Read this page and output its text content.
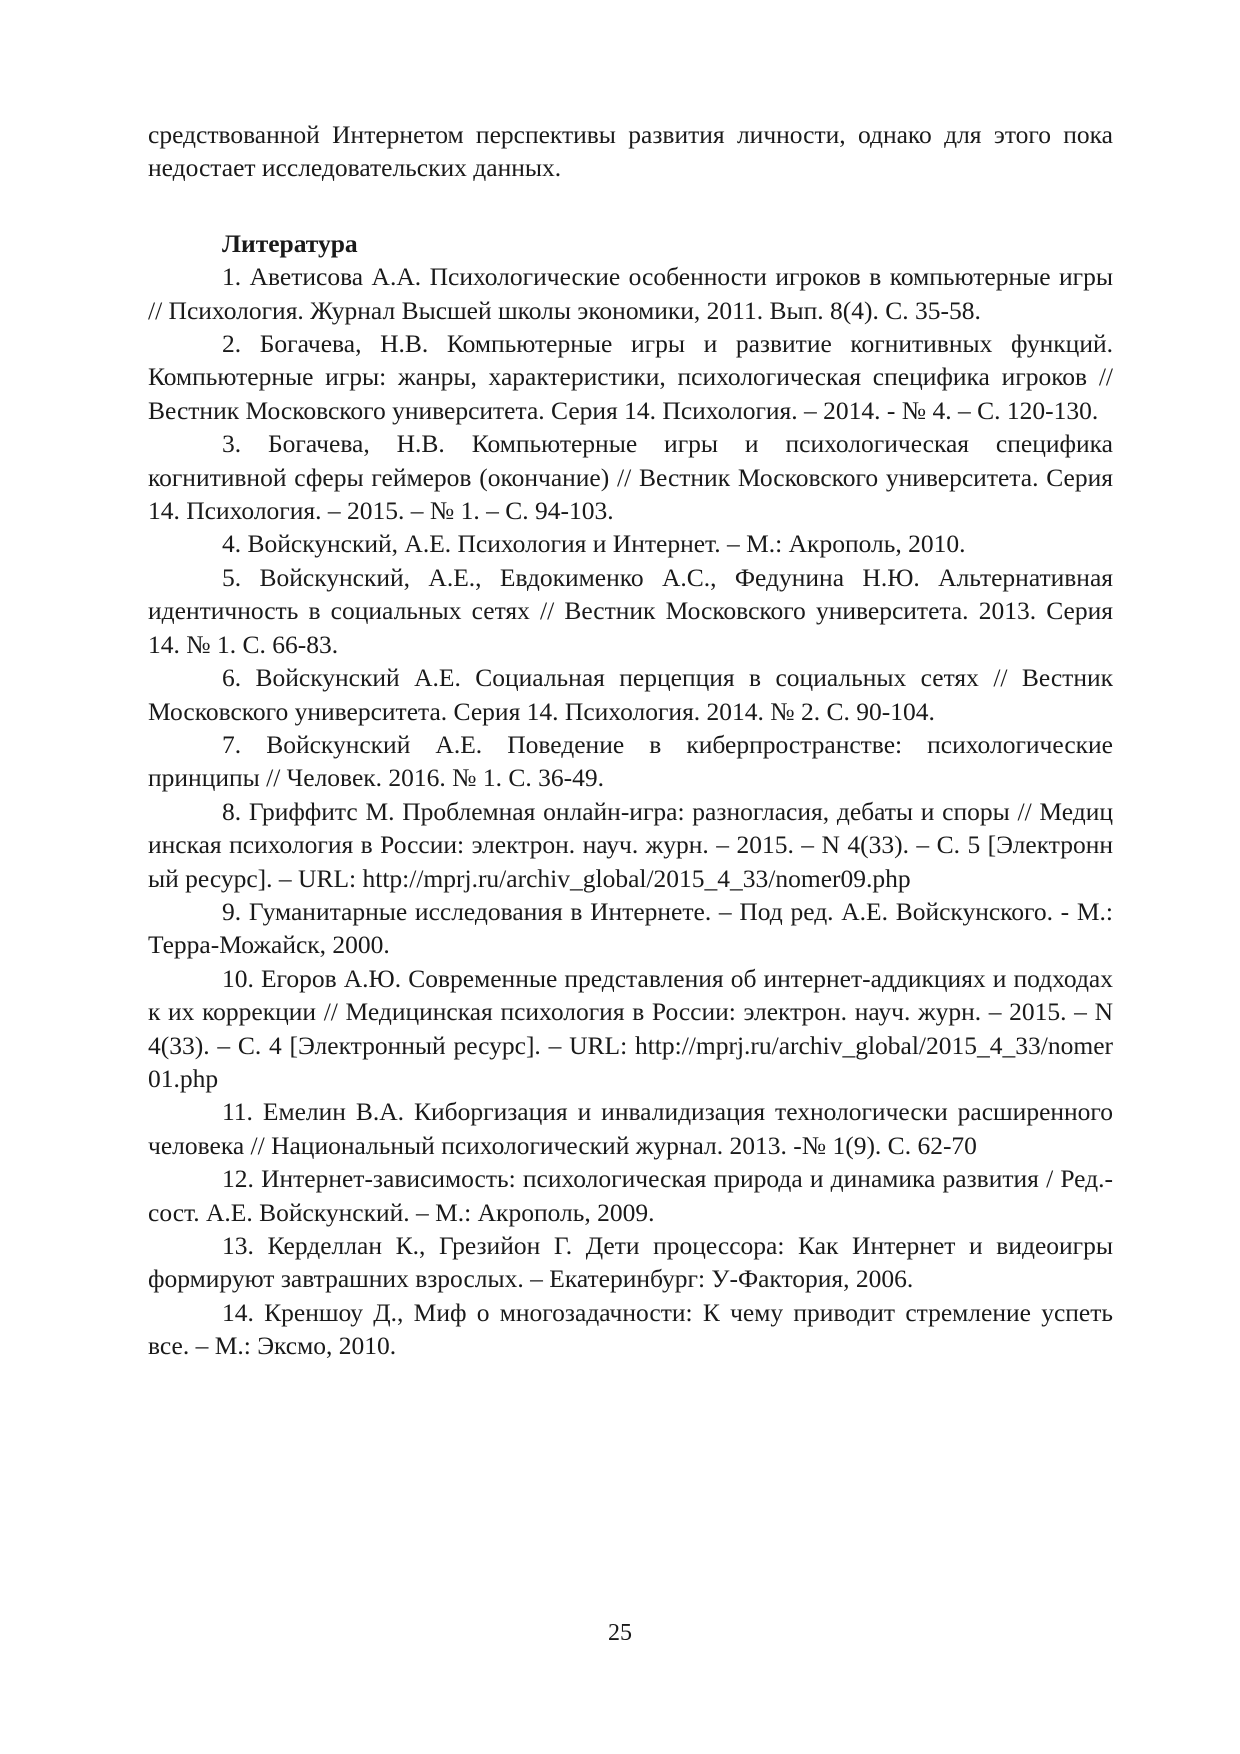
средствованной Интернетом перспективы развития личности, однако для этого пока недостает исследовательских данных.

Литература
1. Аветисова А.А. Психологические особенности игроков в компьютерные игры // Психология. Журнал Высшей школы экономики, 2011. Вып. 8(4). С. 35-58.
2. Богачева, Н.В. Компьютерные игры и развитие когнитивных функций. Компьютерные игры: жанры, характеристики, психологическая специфика игроков // Вестник Московского университета. Серия 14. Психология. – 2014. - № 4. – С. 120-130.
3. Богачева, Н.В. Компьютерные игры и психологическая специфика когнитивной сферы геймеров (окончание) // Вестник Московского университета. Серия 14. Психология. – 2015. – № 1. – С. 94-103.
4. Войскунский, А.Е. Психология и Интернет. – М.: Акрополь, 2010.
5. Войскунский, А.Е., Евдокименко А.С., Федунина Н.Ю. Альтернативная идентичность в социальных сетях // Вестник Московского университета. 2013. Серия 14. № 1. С. 66-83.
6. Войскунский А.Е. Социальная перцепция в социальных сетях // Вестник Московского университета. Серия 14. Психология. 2014. № 2. С. 90-104.
7. Войскунский А.Е. Поведение в киберпространстве: психологические принципы // Человек. 2016. № 1. С. 36-49.
8. Гриффитс М. Проблемная онлайн-игра: разногласия, дебаты и споры // Медицинская психология в России: электрон. науч. журн. – 2015. – N 4(33). – С. 5 [Электронный ресурс]. – URL: http://mprj.ru/archiv_global/2015_4_33/nomer09.php
9. Гуманитарные исследования в Интернете. – Под ред. А.Е. Войскунского. - М.: Терра-Можайск, 2000.
10. Егоров А.Ю. Современные представления об интернет-аддикциях и подходах к их коррекции // Медицинская психология в России: электрон. науч. журн. – 2015. – N 4(33). – С. 4 [Электронный ресурс]. – URL: http://mprj.ru/archiv_global/2015_4_33/nomer01.php
11. Емелин В.А. Киборгизация и инвалидизация технологически расширенного человека // Национальный психологический журнал. 2013. -№ 1(9). С. 62-70
12. Интернет-зависимость: психологическая природа и динамика развития / Ред.-сост. А.Е. Войскунский. – М.: Акрополь, 2009.
13. Керделлан К., Грезийон Г. Дети процессора: Как Интернет и видеоигры формируют завтрашних взрослых. – Екатеринбург: У-Фактория, 2006.
14. Креншоу Д., Миф о многозадачности: К чему приводит стремление успеть все. – М.: Эксмо, 2010.
25
